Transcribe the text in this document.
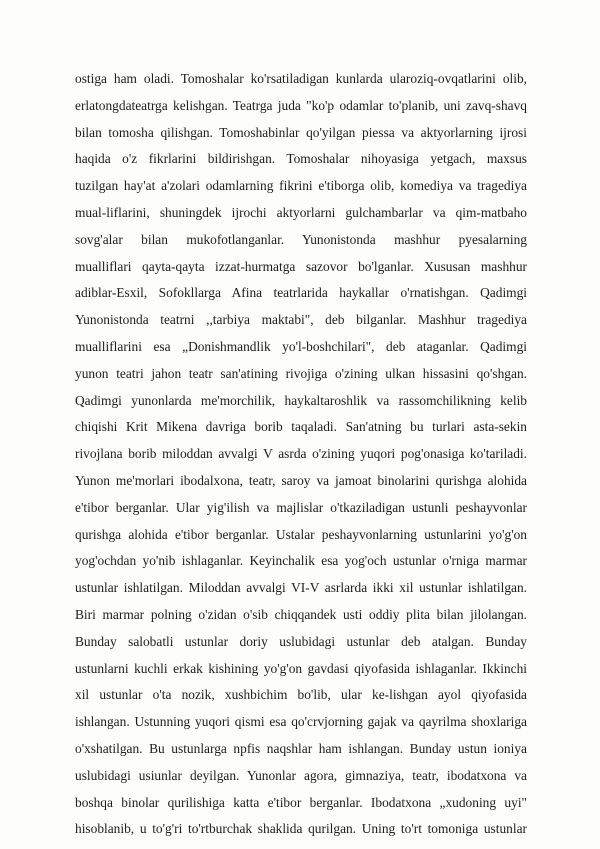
ostiga ham oladi. Tomoshalar ko'rsatiladigan kunlarda ularoziq-ovqatlarini olib,
erlatongdateatrga kelishgan. Teatrga juda "ko'p odamlar to'planib, uni zavq-shavq
bilan tomosha qilishgan. Tomoshabinlar qo'yilgan piessa va aktyorlarning ijrosi
haqida o'z fikrlarini bildirishgan. Tomoshalar nihoyasiga yetgach, maxsus
tuzilgan hay'at a'zolari odamlarning fikrini e'tiborga olib, komediya va tragediya
mual-liflarini, shuningdek ijrochi aktyorlarni gulchambarlar va qim-matbaho
sovg'alar bilan mukofotlanganlar. Yunonistonda mashhur pyesalarning
mualliflari qayta-qayta izzat-hurmatga sazovor bo'lganlar. Xususan mashhur
adiblar-Esxil, Sofokllarga Afina teatrlarida haykallar o'rnatishgan. Qadimgi
Yunonistonda teatrni ,,tarbiya maktabi", deb bilganlar. Mashhur tragediya
mualliflarini esa „Donishmandlik yo'l-boshchilari", deb ataganlar. Qadimgi
yunon teatri jahon teatr san'atining rivojiga o'zining ulkan hissasini qo'shgan.
Qadimgi yunonlarda me'morchilik, haykaltaroshlik va rassomchilikning kelib
chiqishi Krit Mikena davriga borib taqaladi. San'atning bu turlari asta-sekin
rivojlana borib miloddan avvalgi V asrda o'zining yuqori pog'onasiga ko'tariladi.
Yunon me'morlari ibodalxona, teatr, saroy va jamoat binolarini qurishga alohida
e'tibor berganlar. Ular yig'ilish va majlislar o'tkaziladigan ustunli peshayvonlar
qurishga alohida e'tibor berganlar. Ustalar peshayvonlarning ustunlarini yo'g'on
yog'ochdan yo'nib ishlaganlar. Keyinchalik esa yog'och ustunlar o'rniga marmar
ustunlar ishlatilgan. Miloddan avvalgi VI-V asrlarda ikki xil ustunlar ishlatilgan.
Biri marmar polning o'zidan o'sib chiqqandek usti oddiy plita bilan jilolangan.
Bunday salobatli ustunlar doriy uslubidagi ustunlar deb atalgan. Bunday
ustunlarni kuchli erkak kishining yo'g'on gavdasi qiyofasida ishlaganlar. Ikkinchi
xil ustunlar o'ta nozik, xushbichim bo'lib, ular ke-lishgan ayol qiyofasida
ishlangan. Ustunning yuqori qismi esa qo'crvjorning gajak va qayrilma shoxlariga
o'xshatilgan. Bu ustunlarga npfis naqshlar ham ishlangan. Bunday ustun ioniya
uslubidagi usiunlar deyilgan. Yunonlar agora, gimnaziya, teatr, ibodatxona va
boshqa binolar qurilishiga katta e'tibor berganlar. Ibodatxona „xudoning uyi"
hisoblanib, u to'g'ri to'rtburchak shaklida qurilgan. Uning to'rt tomoniga ustunlar
